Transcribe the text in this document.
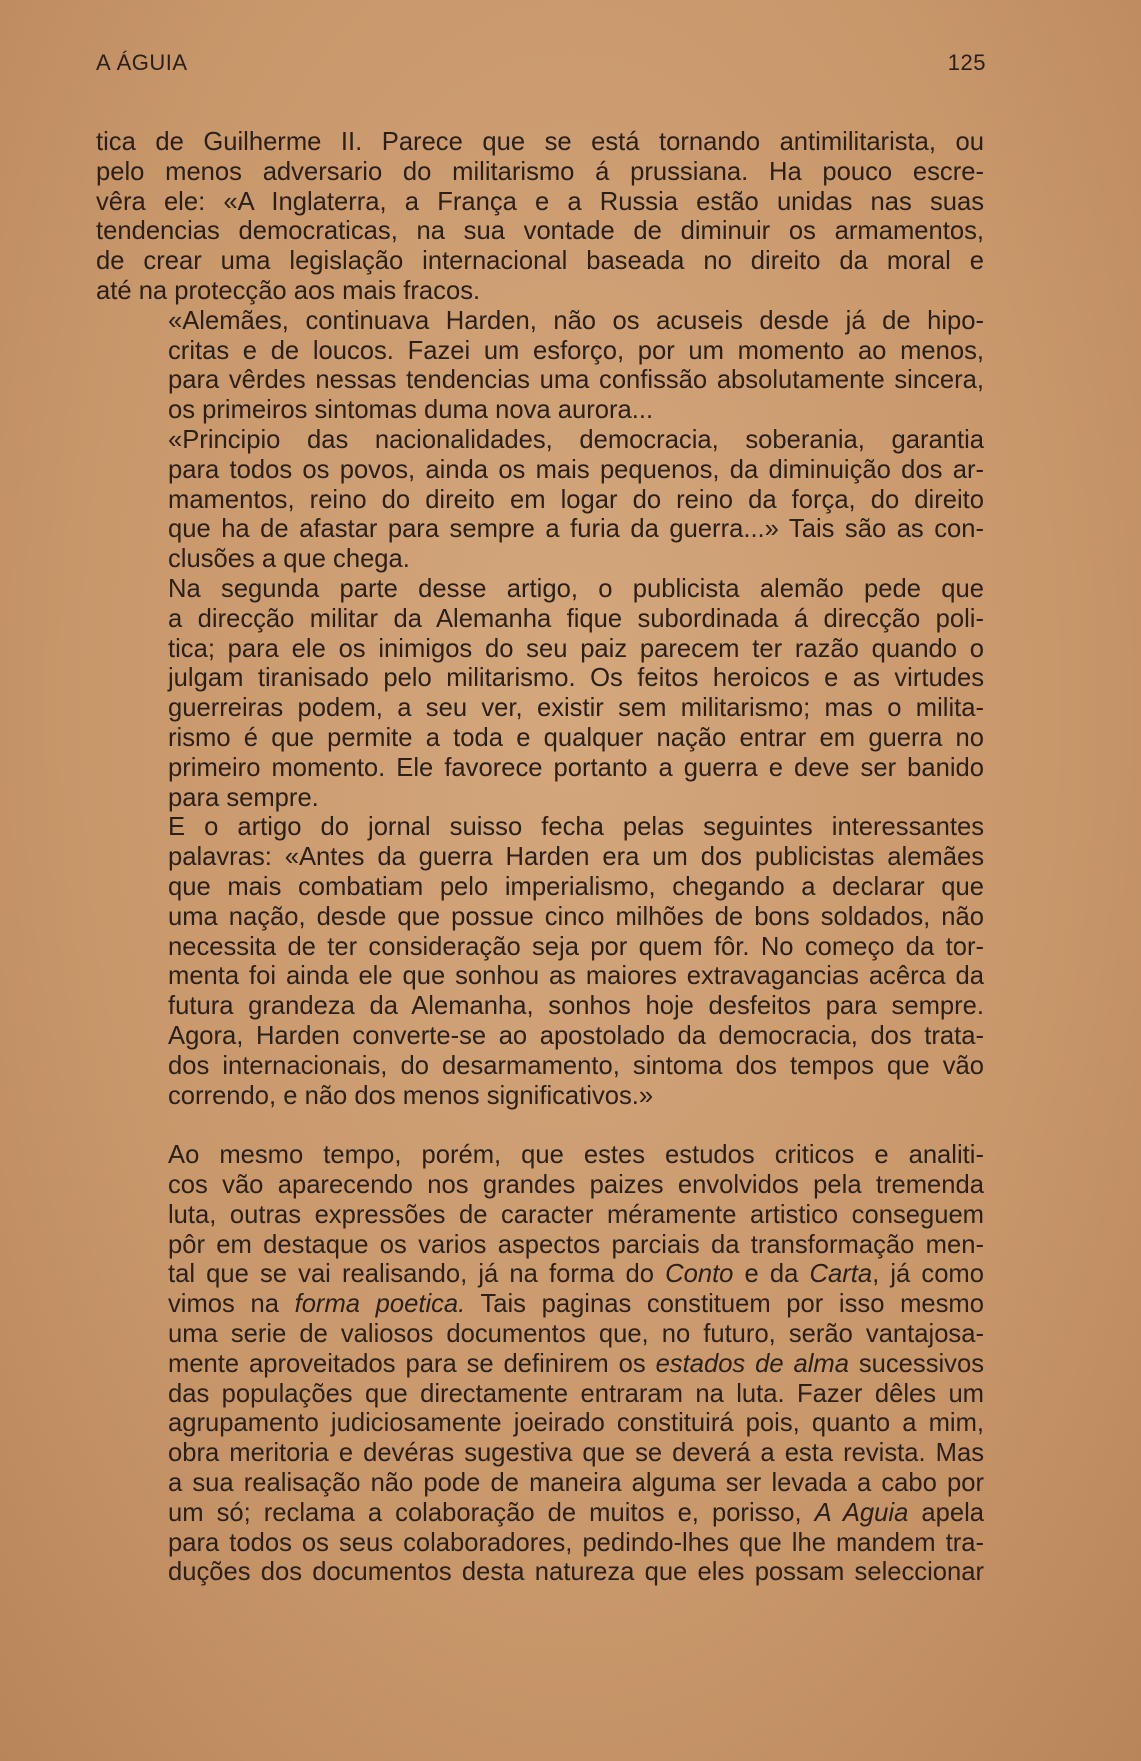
A ÁGUIA	125

tica de Guilherme II. Parece que se está tornando antimilitarista, ou
pelo menos adversario do militarismo á prussiana. Ha pouco escre-
vêra ele: «A Inglaterra, a França e a Russia estão unidas nas suas
tendencias democraticas, na sua vontade de diminuir os armamentos,
de crear uma legislação internacional baseada no direito da moral e
até na protecção aos mais fracos.

«Alemães, continuava Harden, não os acuseis desde já de hipo-
critas e de loucos. Fazei um esforço, por um momento ao menos,
para vêrdes nessas tendencias uma confissão absolutamente sincera,
os primeiros sintomas duma nova aurora...

«Principio das nacionalidades, democracia, soberania, garantia
para todos os povos, ainda os mais pequenos, da diminuição dos ar-
mamentos, reino do direito em logar do reino da força, do direito
que ha de afastar para sempre a furia da guerra...» Tais são as con-
clusões a que chega.

Na segunda parte desse artigo, o publicista alemão pede que
a direcção militar da Alemanha fique subordinada á direcção poli-
tica; para ele os inimigos do seu paiz parecem ter razão quando o
julgam tiranisado pelo militarismo. Os feitos heroicos e as virtudes
guerreiras podem, a seu ver, existir sem militarismo; mas o milita-
rismo é que permite a toda e qualquer nação entrar em guerra no
primeiro momento. Ele favorece portanto a guerra e deve ser banido
para sempre.

E o artigo do jornal suisso fecha pelas seguintes interessantes
palavras: «Antes da guerra Harden era um dos publicistas alemães
que mais combatiam pelo imperialismo, chegando a declarar que
uma nação, desde que possue cinco milhões de bons soldados, não
necessita de ter consideração seja por quem fôr. No começo da tor-
menta foi ainda ele que sonhou as maiores extravagancias acêrca da
futura grandeza da Alemanha, sonhos hoje desfeitos para sempre.
Agora, Harden converte-se ao apostolado da democracia, dos trata-
dos internacionais, do desarmamento, sintoma dos tempos que vão
correndo, e não dos menos significativos.»

Ao mesmo tempo, porém, que estes estudos criticos e analiti-
cos vão aparecendo nos grandes paizes envolvidos pela tremenda
luta, outras expressões de caracter méramente artistico conseguem
pôr em destaque os varios aspectos parciais da transformação men-
tal que se vai realisando, já na forma do Conto e da Carta, já como
vimos na forma poetica. Tais paginas constituem por isso mesmo
uma serie de valiosos documentos que, no futuro, serão vantajosa-
mente aproveitados para se definirem os estados de alma sucessivos
das populações que directamente entraram na luta. Fazer dêles um
agrupamento judiciosamente joeirado constituirá pois, quanto a mim,
obra meritoria e devéras sugestiva que se deverá a esta revista. Mas
a sua realisação não pode de maneira alguma ser levada a cabo por
um só; reclama a colaboração de muitos e, porisso, A Aguia apela
para todos os seus colaboradores, pedindo-lhes que lhe mandem tra-
duções dos documentos desta natureza que eles possam seleccionar
